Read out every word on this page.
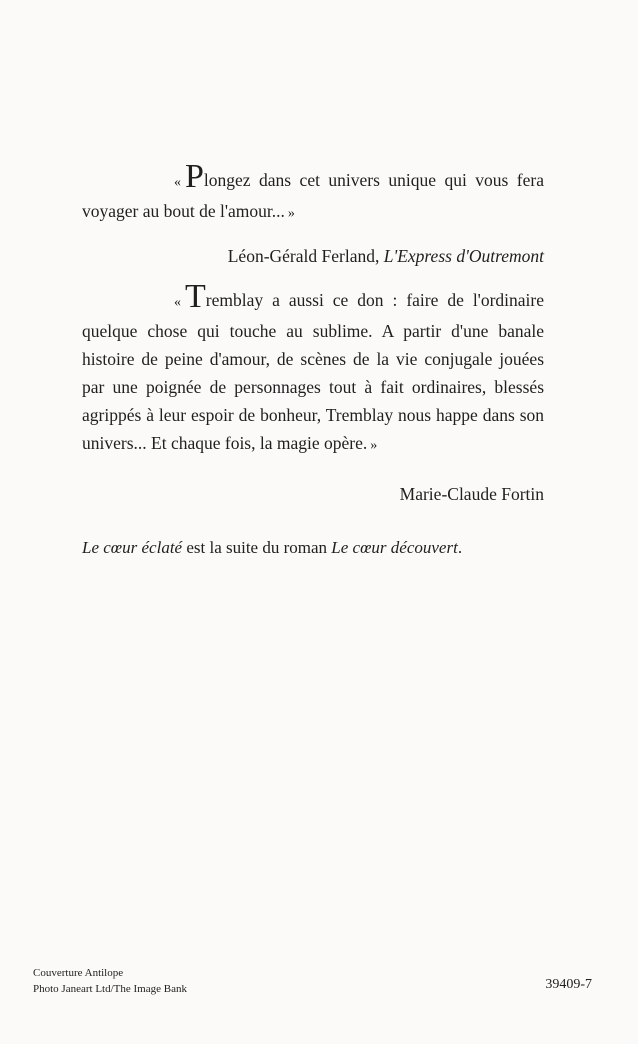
« Plongez dans cet univers unique qui vous fera voyager au bout de l'amour... »

Léon-Gérald Ferland, L'Express d'Outremont

« Tremblay a aussi ce don : faire de l'ordinaire quelque chose qui touche au sublime. A partir d'une banale histoire de peine d'amour, de scènes de la vie conjugale jouées par une poignée de personnages tout à fait ordinaires, blessés agrippés à leur espoir de bonheur, Tremblay nous happe dans son univers... Et chaque fois, la magie opère. »

Marie-Claude Fortin

Le cœur éclaté est la suite du roman Le cœur découvert.

Couverture Antilope
Photo Janeart Ltd/The Image Bank	39409-7
